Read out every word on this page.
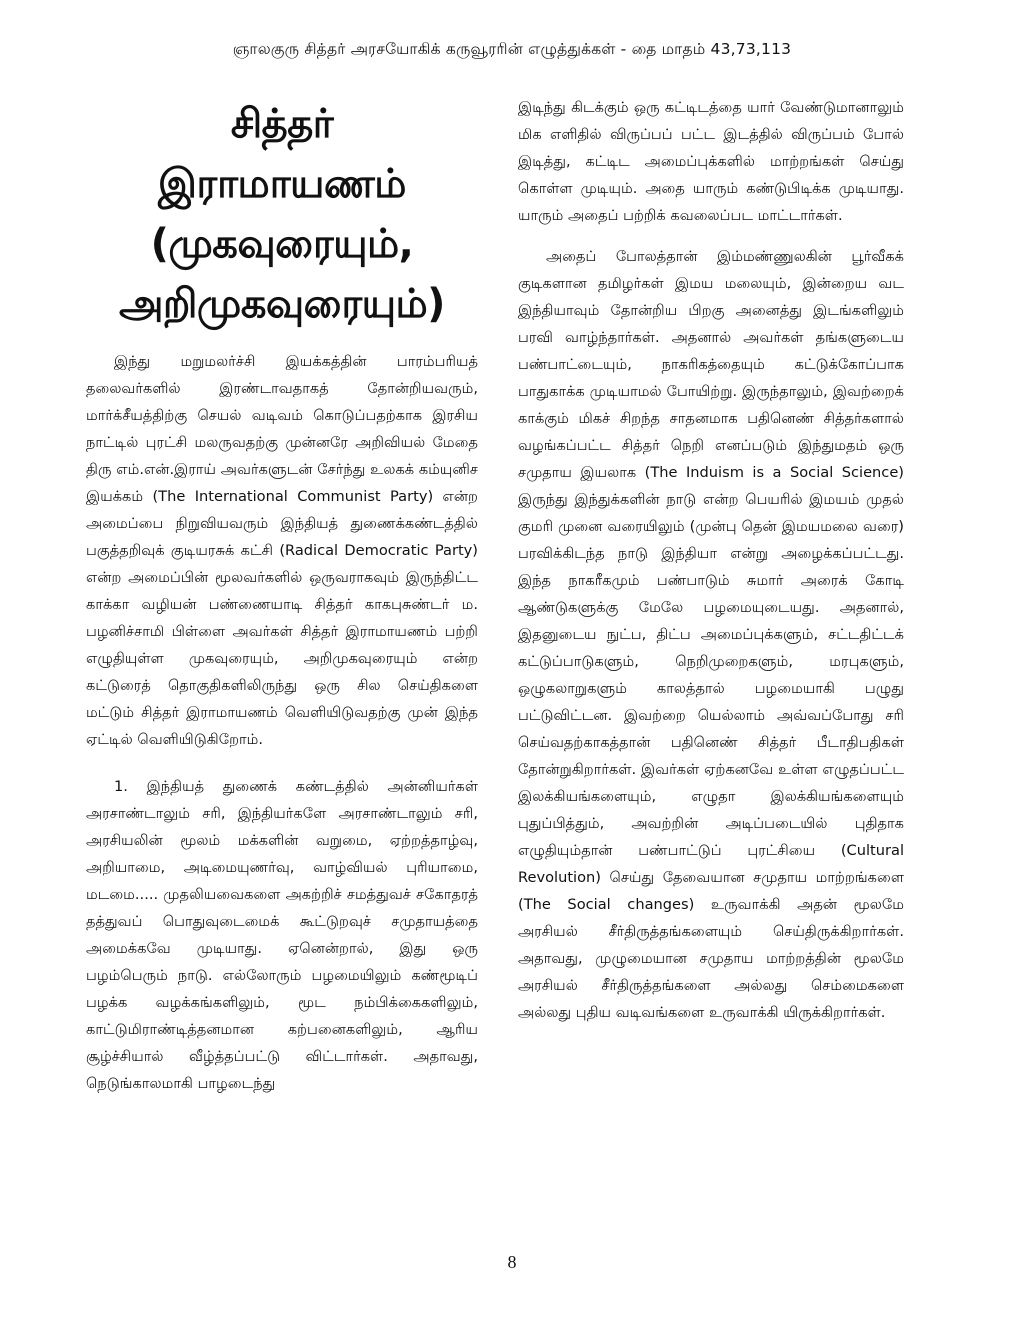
ஞாலகுரு சித்தர் அரசயோகிக் கருவூரரின் எழுத்துக்கள் - தை மாதம் 43,73,113
சித்தர்
இராமாயணம்
(முகவுரையும்,
அறிமுகவுரையும்)

இந்து மறுமலர்ச்சி இயக்கத்தின் பாரம்பரியத் தலைவர்களில் இரண்டாவதாகத் தோன்றியவரும், மார்க்சீயத்திற்கு செயல் வடிவம் கொடுப்பதற்காக இரசிய நாட்டில் புரட்சி மலருவதற்கு முன்னரே அறிவியல் மேதை திரு எம்.என்.இராய் அவர்களுடன் சேர்ந்து உலகக் கம்யுனிச இயக்கம் (The International Communist Party) என்ற அமைப்பை நிறுவியவரும் இந்தியத் துணைக்கண்டத்தில் பகுத்தறிவுக் குடியரசுக் கட்சி (Radical Democratic Party) என்ற அமைப்பின் மூலவர்களில் ஒருவராகவும் இருந்திட்ட காக்கா வழியன் பண்ணையாடி சித்தர் காகபுசுண்டர் ம. பழனிச்சாமி பிள்ளை அவர்கள் சித்தர் இராமாயணம் பற்றி எழுதியுள்ள முகவுரையும், அறிமுகவுரையும் என்ற கட்டுரைத் தொகுதிகளிலிருந்து ஒரு சில செய்திகளை மட்டும் சித்தர் இராமாயணம் வெளியிடுவதற்கு முன் இந்த ஏட்டில் வெளியிடுகிறோம்.

1. இந்தியத் துணைக் கண்டத்தில் அன்னியர்கள் அரசாண்டாலும் சரி, இந்தியர்களே அரசாண்டாலும் சரி, அரசியலின் மூலம் மக்களின் வறுமை, ஏற்றத்தாழ்வு, அறியாமை, அடிமையுணர்வு, வாழ்வியல் புரியாமை, மடமை..... முதலியவைகளை அகற்றிச் சமத்துவச் சகோதரத் தத்துவப் பொதுவுடைமைக் கூட்டுறவுச் சமுதாயத்தை அமைக்கவே முடியாது. ஏனென்றால், இது ஒரு பழம்பெரும் நாடு. எல்லோரும் பழமையிலும் கண்மூடிப் பழக்க வழக்கங்களிலும், மூட நம்பிக்கைகளிலும், காட்டுமிராண்டித்தனமான கற்பனைகளிலும், ஆரிய சூழ்ச்சியால் வீழ்த்தப்பட்டு விட்டார்கள். அதாவது, நெடுங்காலமாகி பாழடைந்து

இடிந்து கிடக்கும் ஒரு கட்டிடத்தை யார் வேண்டுமானாலும் மிக எளிதில் விருப்பப் பட்ட இடத்தில் விருப்பம் போல் இடித்து, கட்டிட அமைப்புக்களில் மாற்றங்கள் செய்து கொள்ள முடியும். அதை யாரும் கண்டுபிடிக்க முடியாது. யாரும் அதைப் பற்றிக் கவலைப்பட மாட்டார்கள்.

அதைப் போலத்தான் இம்மண்ணுலகின் பூர்வீகக் குடிகளான தமிழர்கள் இமய மலையும், இன்றைய வட இந்தியாவும் தோன்றிய பிறகு அனைத்து இடங்களிலும் பரவி வாழ்ந்தார்கள். அதனால் அவர்கள் தங்களுடைய பண்பாட்டையும், நாகரிகத்தையும் கட்டுக்கோப்பாக பாதுகாக்க முடியாமல் போயிற்று. இருந்தாலும், இவற்றைக் காக்கும் மிகச் சிறந்த சாதனமாக பதினெண் சித்தர்களால் வழங்கப்பட்ட சித்தர் நெறி எனப்படும் இந்துமதம் ஒரு சமுதாய இயலாக (The Induism is a Social Science) இருந்து இந்துக்களின் நாடு என்ற பெயரில் இமயம் முதல் குமரி முனை வரையிலும் (முன்பு தென் இமயமலை வரை) பரவிக்கிடந்த நாடு இந்தியா என்று அழைக்கப்பட்டது. இந்த நாகரீகமும் பண்பாடும் சுமார் அரைக் கோடி ஆண்டுகளுக்கு மேலே பழமையுடையது. அதனால், இதனுடைய நுட்ப, திட்ப அமைப்புக்களும், சட்டதிட்டக் கட்டுப்பாடுகளும், நெறிமுறைகளும், மரபுகளும், ஒழுகலாறுகளும் காலத்தால் பழமையாகி பழுது பட்டுவிட்டன. இவற்றை யெல்லாம் அவ்வப்போது சரி செய்வதற்காகத்தான் பதினெண் சித்தர் பீடாதிபதிகள் தோன்றுகிறார்கள். இவர்கள் ஏற்கனவே உள்ள எழுதப்பட்ட இலக்கியங்களையும், எழுதா இலக்கியங்களையும் புதுப்பித்தும், அவற்றின் அடிப்படையில் புதிதாக எழுதியும்தான் பண்பாட்டுப் புரட்சியை (Cultural Revolution) செய்து தேவையான சமுதாய மாற்றங்களை (The Social changes) உருவாக்கி அதன் மூலமே அரசியல் சீர்திருத்தங்களையும் செய்திருக்கிறார்கள். அதாவது, முழுமையான சமுதாய மாற்றத்தின் மூலமே அரசியல் சீர்திருத்தங்களை அல்லது செம்மைகளை அல்லது புதிய வடிவங்களை உருவாக்கி யிருக்கிறார்கள்.

8
